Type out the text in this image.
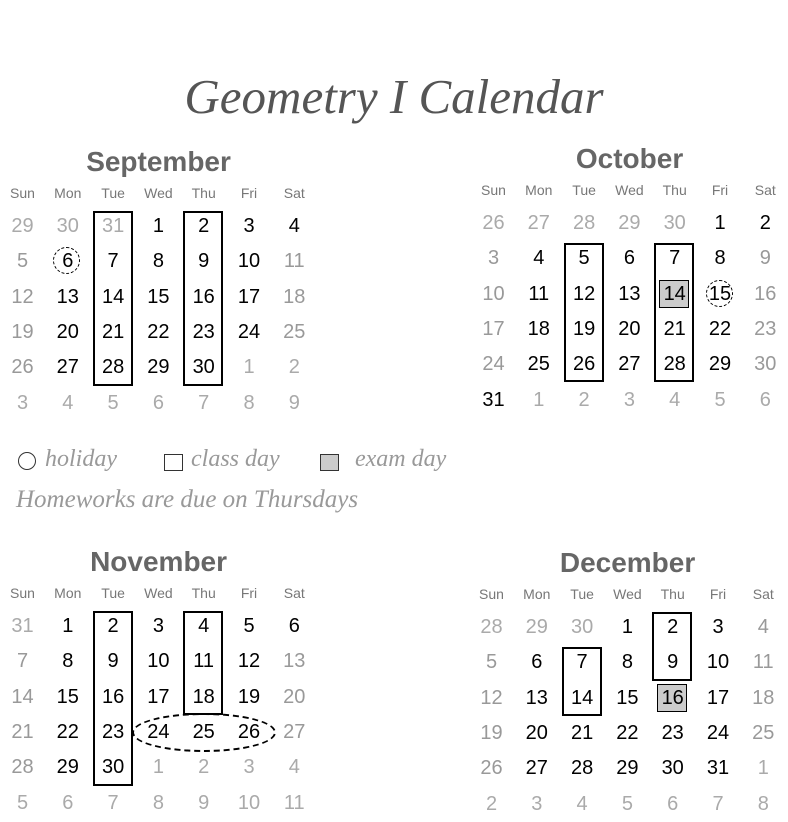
Geometry I Calendar
September
Sun	Mon	Tue	Wed	Thu	Fri	Sat
29	30	31	1	2	3	4
5	6	7	8	9	10	11
12	13	14	15	16	17	18
19	20	21	22	23	24	25
26	27	28	29	30	1	2
3	4	5	6	7	8	9
October
Sun	Mon	Tue	Wed	Thu	Fri	Sat
26	27	28	29	30	1	2
3	4	5	6	7	8	9
10	11	12	13	14	15	16
17	18	19	20	21	22	23
24	25	26	27	28	29	30
31	1	2	3	4	5	6
November
Sun	Mon	Tue	Wed	Thu	Fri	Sat
31	1	2	3	4	5	6
7	8	9	10	11	12	13
14	15	16	17	18	19	20
21	22	23	24	25	26	27
28	29	30	1	2	3	4
5	6	7	8	9	10	11
December
Sun	Mon	Tue	Wed	Thu	Fri	Sat
28	29	30	1	2	3	4
5	6	7	8	9	10	11
12	13	14	15	16	17	18
19	20	21	22	23	24	25
26	27	28	29	30	31	1
2	3	4	5	6	7	8
holiday	class day	exam day
Homeworks are due on Thursdays
